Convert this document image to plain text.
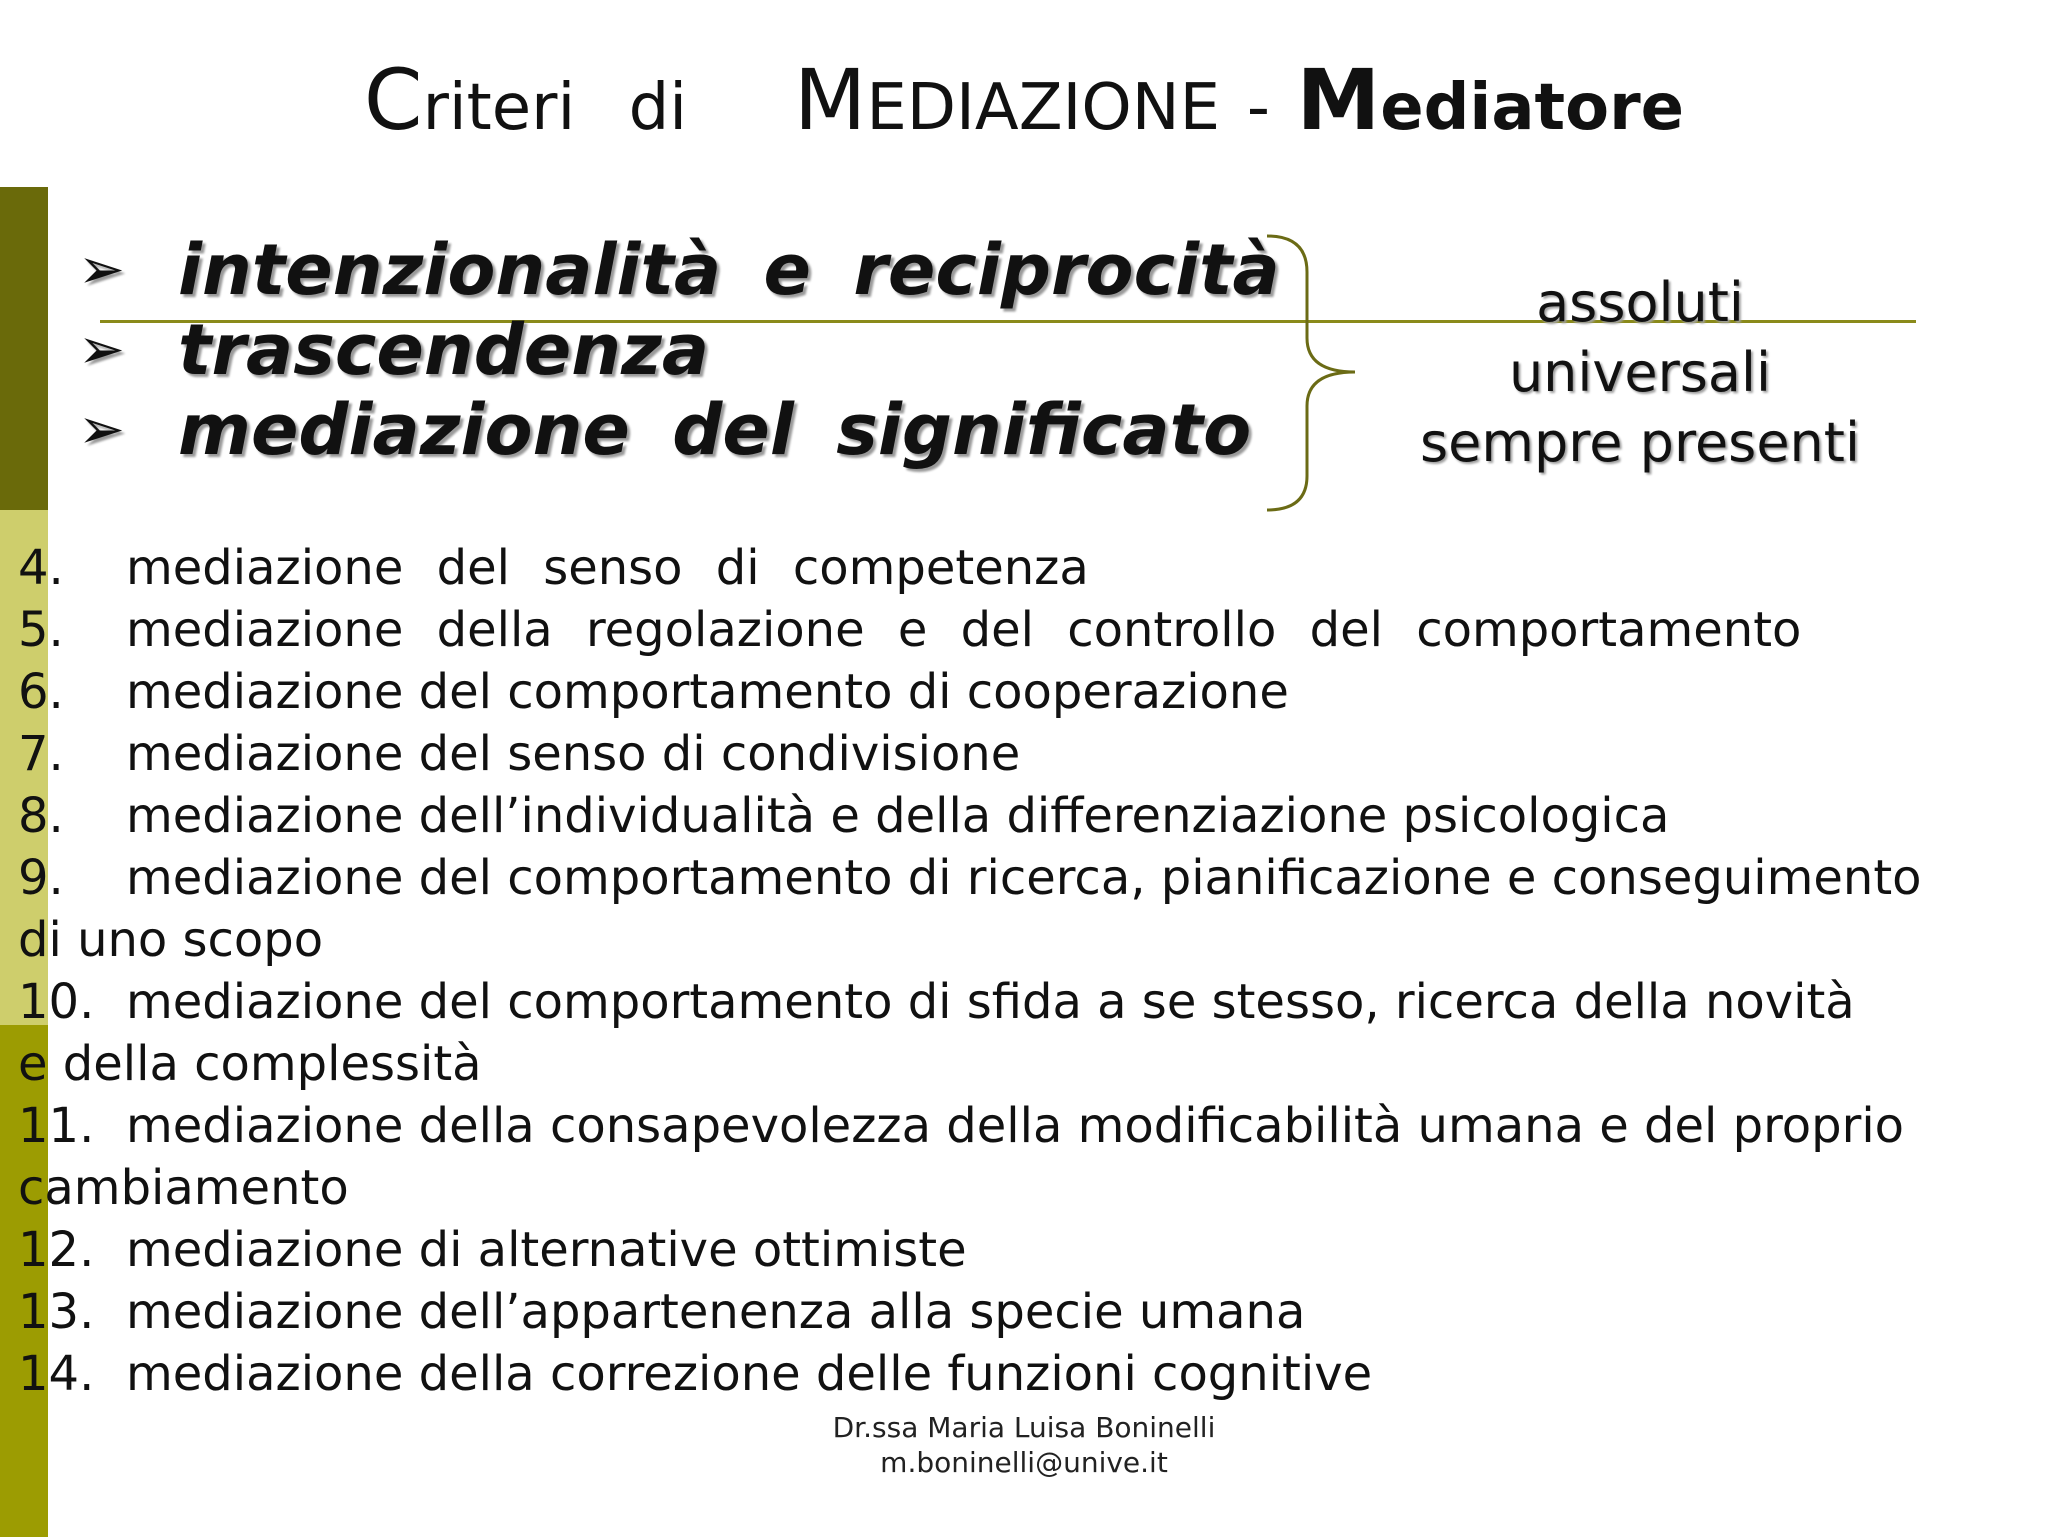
Criteri di MEDIAZIONE - Mediatore
➢ intenzionalità e reciprocità
➢ trascendenza
➢ mediazione del significato
assoluti
universali
sempre presenti
4. mediazione del senso di competenza
5. mediazione della regolazione e del controllo del comportamento
6. mediazione del comportamento di cooperazione
7. mediazione del senso di condivisione
8. mediazione dell’individualità e della differenziazione psicologica
9. mediazione del comportamento di ricerca, pianificazione e conseguimento
di uno scopo
10. mediazione del comportamento di sfida a se stesso, ricerca della novità
e della complessità
11. mediazione della consapevolezza della modificabilità umana e del proprio
cambiamento
12. mediazione di alternative ottimiste
13. mediazione dell’appartenenza alla specie umana
14. mediazione della correzione delle funzioni cognitive
Dr.ssa Maria Luisa Boninelli
m.boninelli@unive.it
